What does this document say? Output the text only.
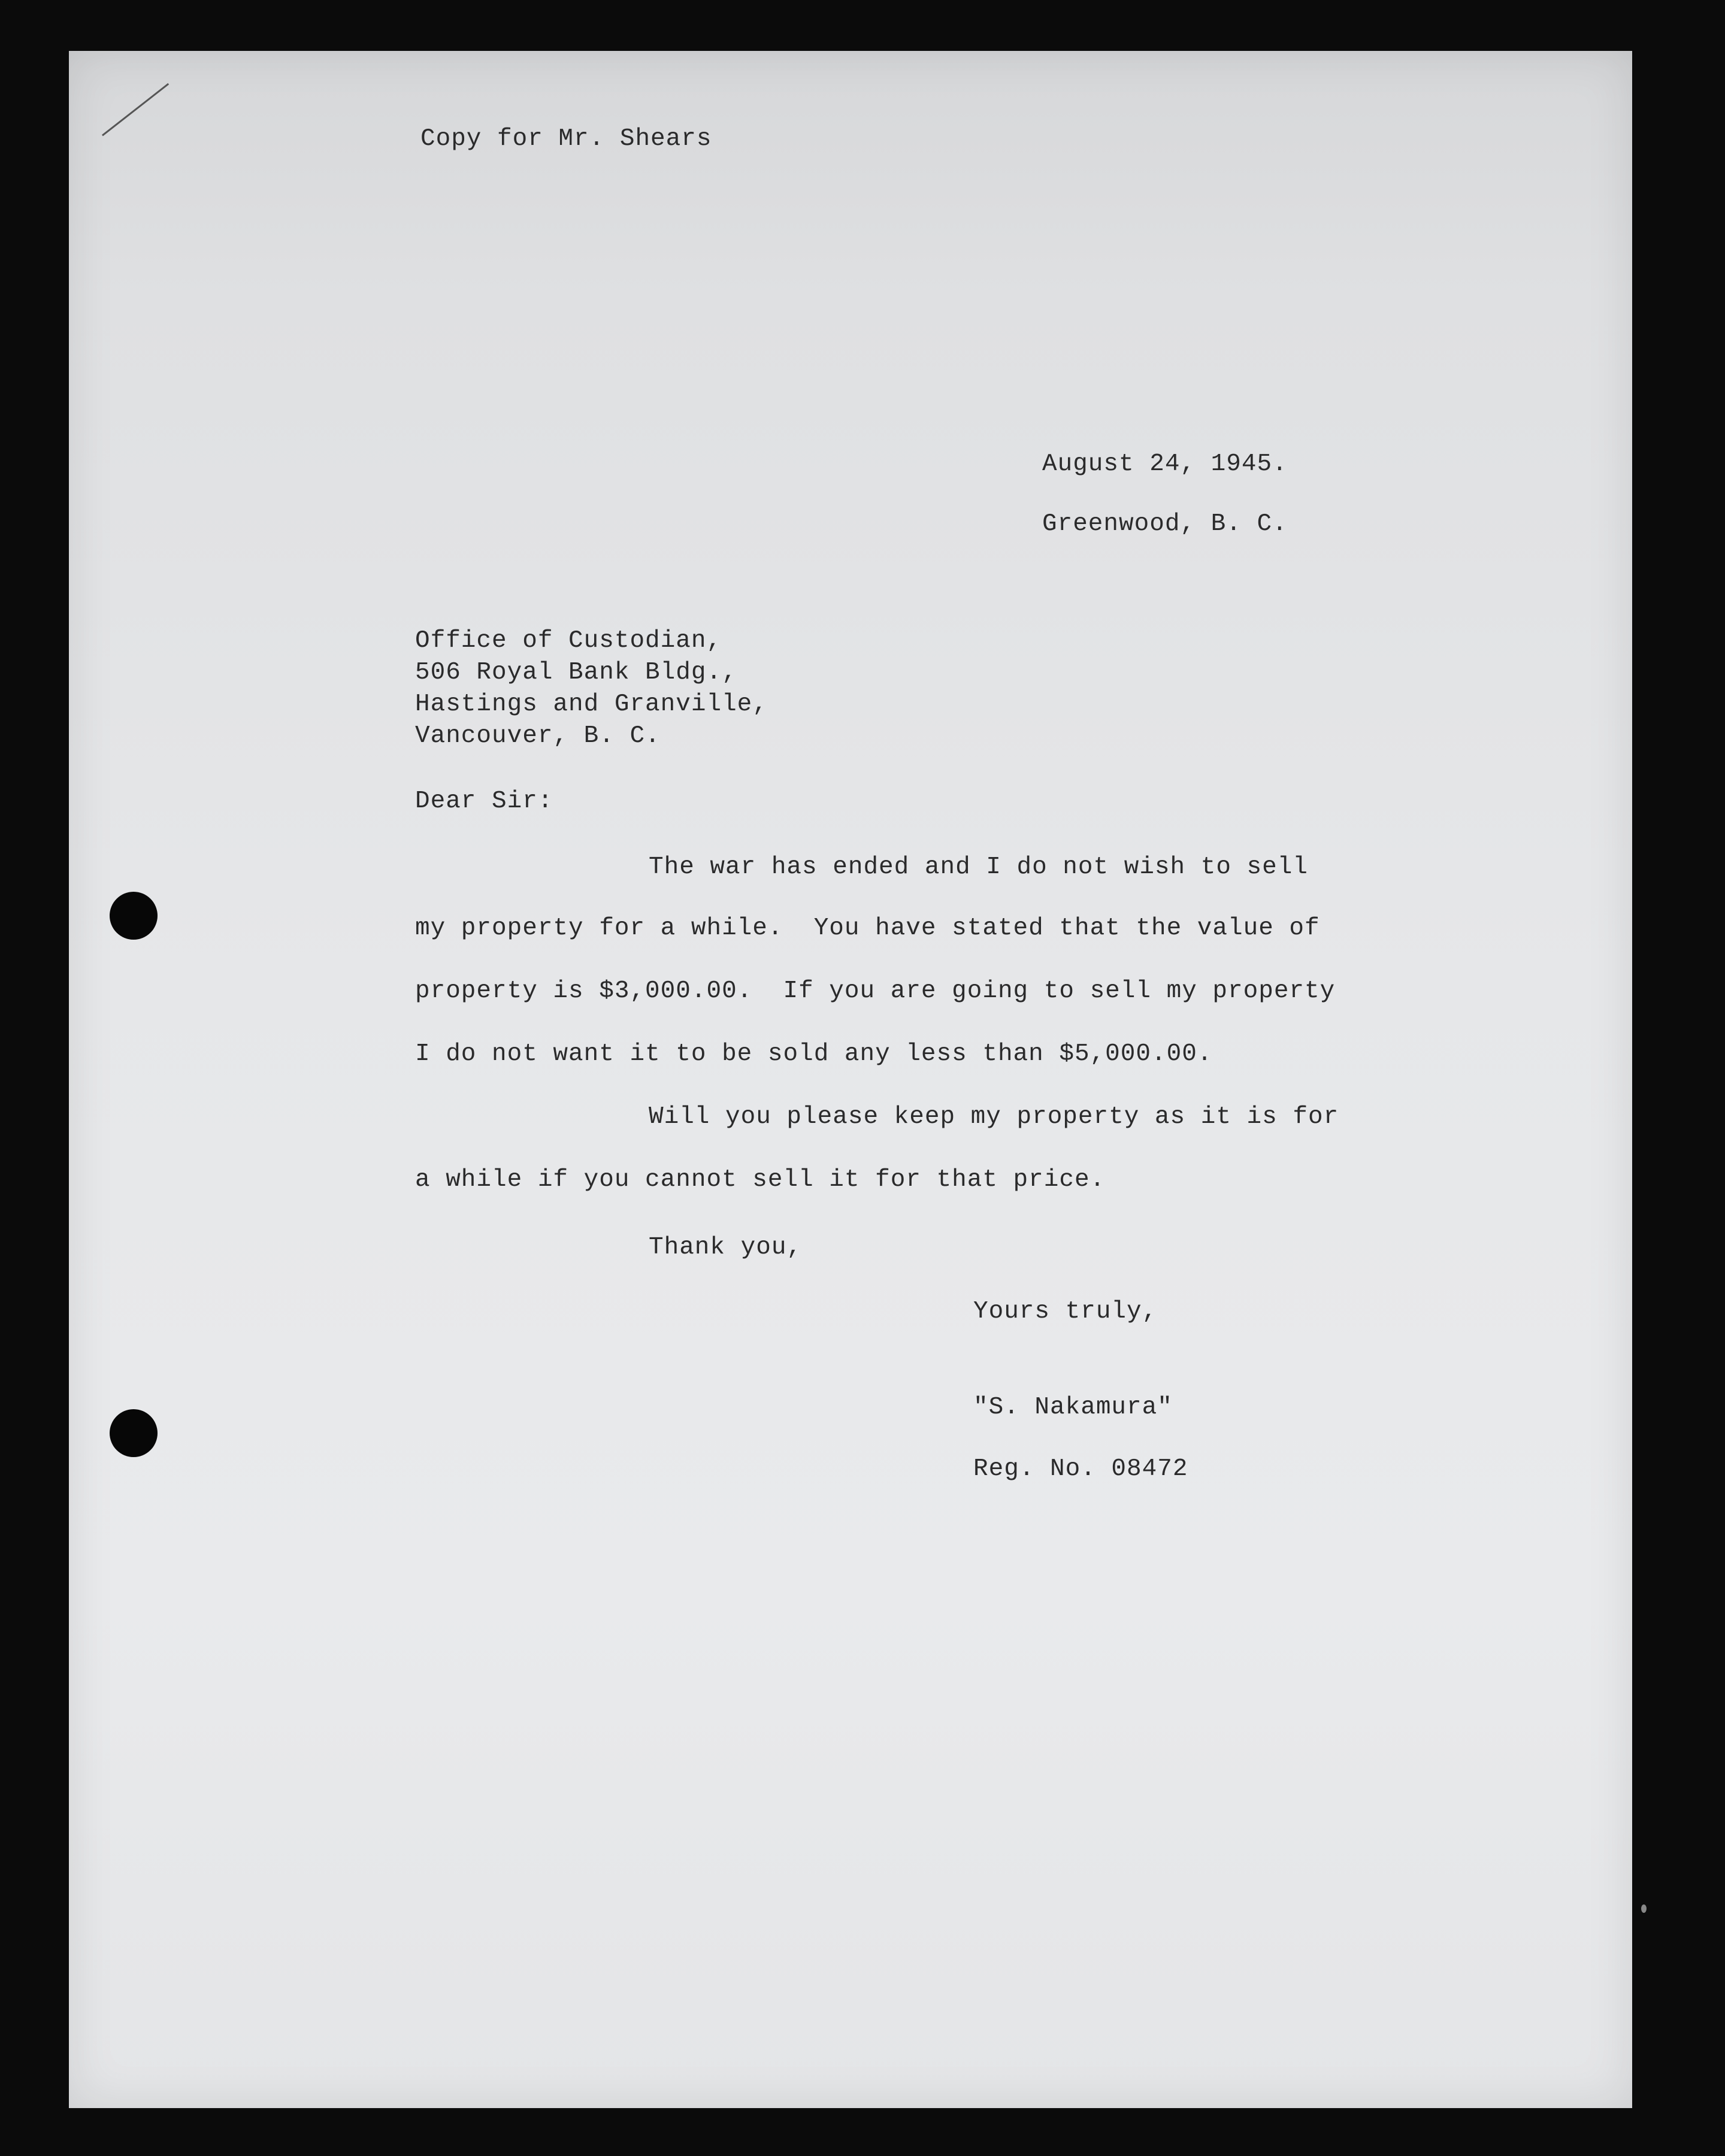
Copy for Mr. Shears

August 24, 1945.

Greenwood, B. C.

Office of Custodian,

506 Royal Bank Bldg.,

Hastings and Granville,

Vancouver, B. C.

Dear Sir:

The war has ended and I do not wish to sell

my property for a while.  You have stated that the value of

property is $3,000.00.  If you are going to sell my property

I do not want it to be sold any less than $5,000.00.

Will you please keep my property as it is for

a while if you cannot sell it for that price.

Thank you,

Yours truly,

"S. Nakamura"

Reg. No. 08472
